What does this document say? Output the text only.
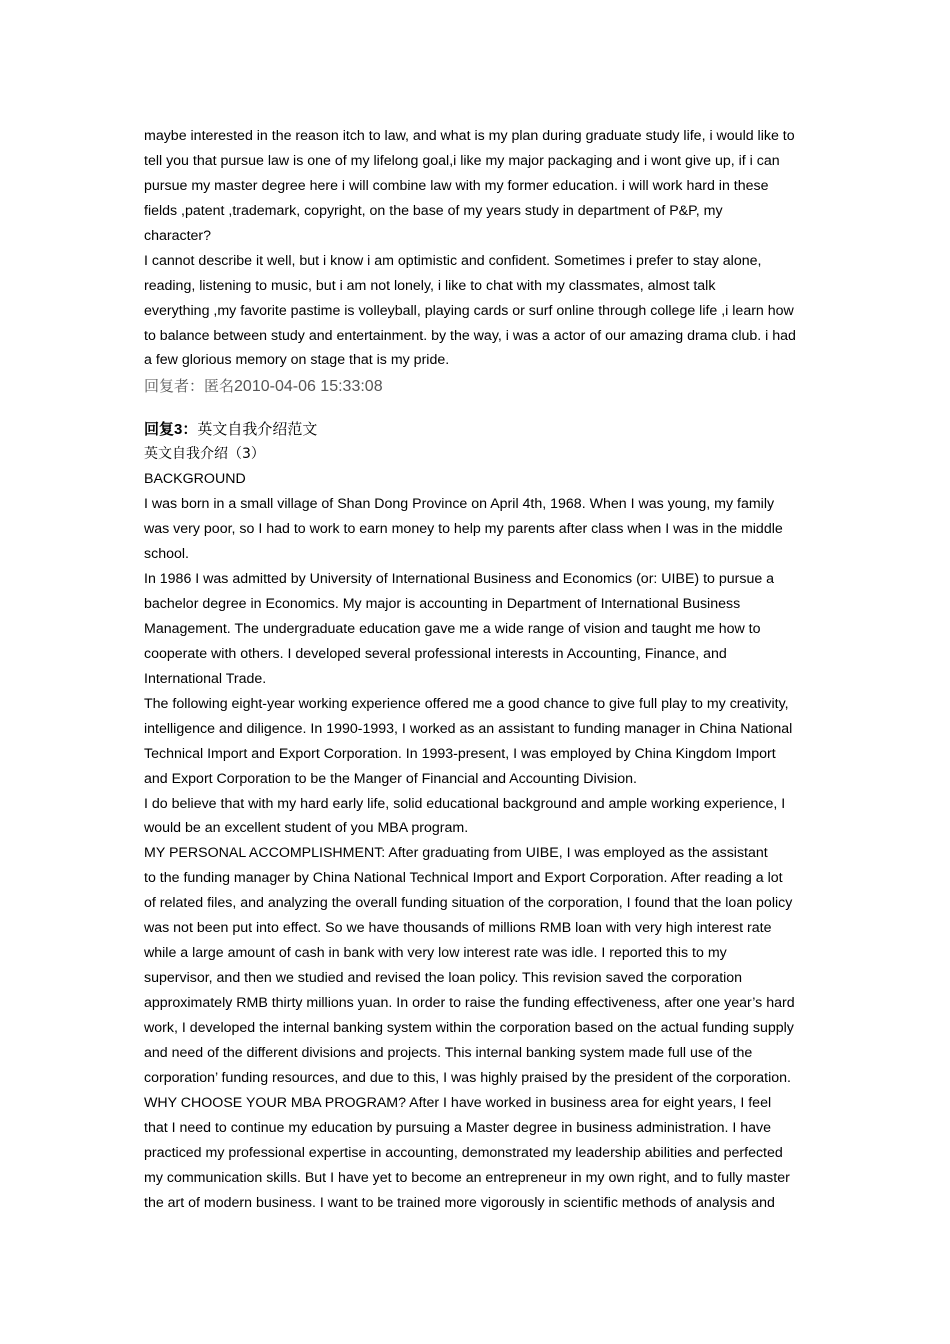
maybe interested in the reason itch to law, and what is my plan during graduate study life, i would like to
tell you that pursue law is one of my lifelong goal,i like my major packaging and i wont give up, if i can
pursue my master degree here i will combine law with my former education. i will work hard in these
fields ,patent ,trademark, copyright, on the base of my years study in department of P&P, my
character?
I cannot describe it well, but i know i am optimistic and confident. Sometimes i prefer to stay alone,
reading, listening to music, but i am not lonely, i like to chat with my classmates, almost talk
everything ,my favorite pastime is volleyball, playing cards or surf online through college life ,i learn how
to balance between study and entertainment. by the way, i was a actor of our amazing drama club. i had
a few glorious memory on stage that is my pride.
回复者：匿名2010-04-06 15:33:08
回复3：英文自我介绍范文
英文自我介绍（3）
BACKGROUND
I was born in a small village of Shan Dong Province on April 4th, 1968. When I was young, my family
was very poor, so I had to work to earn money to help my parents after class when I was in the middle
school.
In 1986 I was admitted by University of International Business and Economics (or: UIBE) to pursue a
bachelor degree in Economics. My major is accounting in Department of International Business
Management. The undergraduate education gave me a wide range of vision and taught me how to
cooperate with others. I developed several professional interests in Accounting, Finance, and
International Trade.
The following eight-year working experience offered me a good chance to give full play to my creativity,
intelligence and diligence. In 1990-1993, I worked as an assistant to funding manager in China National
Technical Import and Export Corporation. In 1993-present, I was employed by China Kingdom Import
and Export Corporation to be the Manger of Financial and Accounting Division.
I do believe that with my hard early life, solid educational background and ample working experience, I
would be an excellent student of you MBA program.
MY PERSONAL ACCOMPLISHMENT: After graduating from UIBE, I was employed as the assistant
to the funding manager by China National Technical Import and Export Corporation. After reading a lot
of related files, and analyzing the overall funding situation of the corporation, I found that the loan policy
was not been put into effect. So we have thousands of millions RMB loan with very high interest rate
while a large amount of cash in bank with very low interest rate was idle. I reported this to my
supervisor, and then we studied and revised the loan policy. This revision saved the corporation
approximately RMB thirty millions yuan. In order to raise the funding effectiveness, after one year’s hard
work, I developed the internal banking system within the corporation based on the actual funding supply
and need of the different divisions and projects. This internal banking system made full use of the
corporation’ funding resources, and due to this, I was highly praised by the president of the corporation.
WHY CHOOSE YOUR MBA PROGRAM? After I have worked in business area for eight years, I feel
that I need to continue my education by pursuing a Master degree in business administration. I have
practiced my professional expertise in accounting, demonstrated my leadership abilities and perfected
my communication skills. But I have yet to become an entrepreneur in my own right, and to fully master
the art of modern business. I want to be trained more vigorously in scientific methods of analysis and
